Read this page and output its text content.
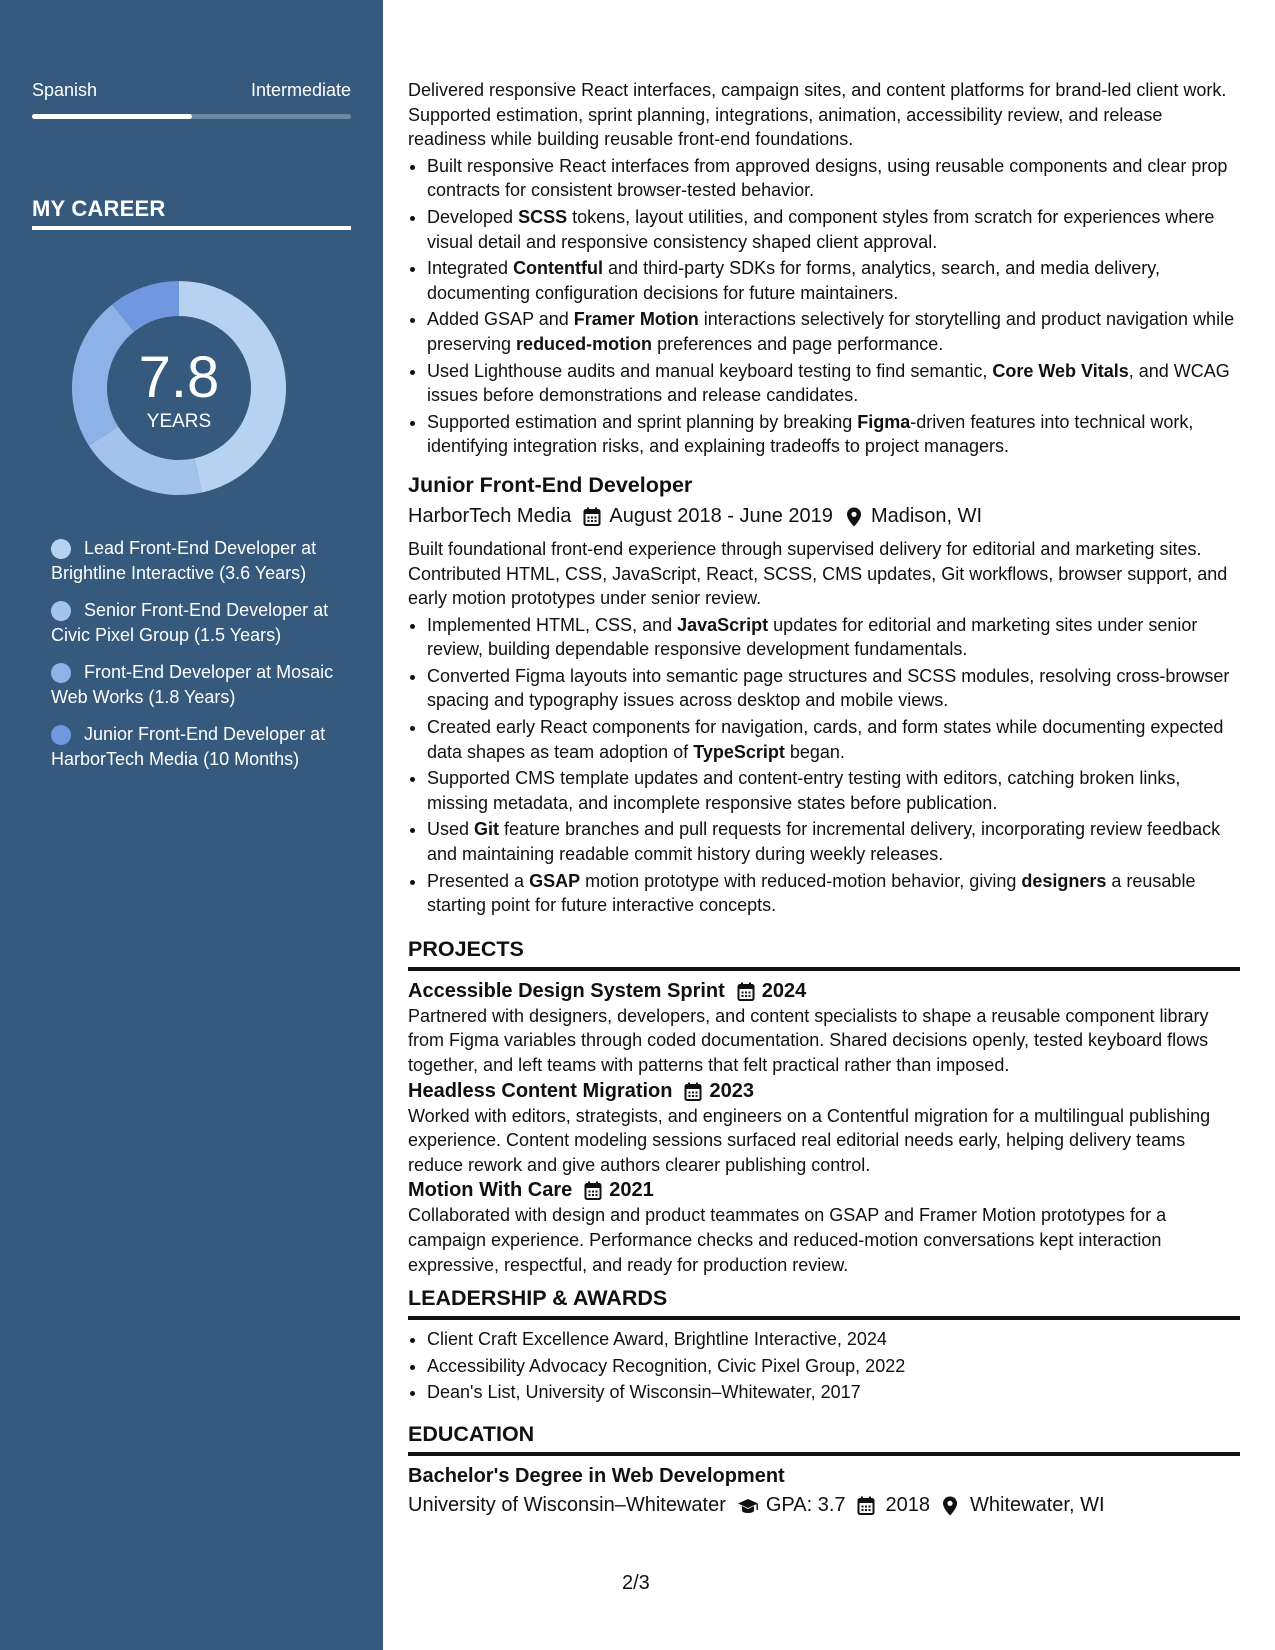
Spanish	Intermediate
MY CAREER
7.8
YEARS
Lead Front-End Developer at Brightline Interactive (3.6 Years)
Senior Front-End Developer at Civic Pixel Group (1.5 Years)
Front-End Developer at Mosaic Web Works (1.8 Years)
Junior Front-End Developer at HarborTech Media (10 Months)

Delivered responsive React interfaces, campaign sites, and content platforms for brand-led client work. Supported estimation, sprint planning, integrations, animation, accessibility review, and release readiness while building reusable front-end foundations.

• Built responsive React interfaces from approved designs, using reusable components and clear prop contracts for consistent browser-tested behavior.
• Developed SCSS tokens, layout utilities, and component styles from scratch for experiences where visual detail and responsive consistency shaped client approval.
• Integrated Contentful and third-party SDKs for forms, analytics, search, and media delivery, documenting configuration decisions for future maintainers.
• Added GSAP and Framer Motion interactions selectively for storytelling and product navigation while preserving reduced-motion preferences and page performance.
• Used Lighthouse audits and manual keyboard testing to find semantic, Core Web Vitals, and WCAG issues before demonstrations and release candidates.
• Supported estimation and sprint planning by breaking Figma-driven features into technical work, identifying integration risks, and explaining tradeoffs to project managers.
Junior Front-End Developer
HarborTech Media August 2018 - June 2019 Madison, WI

Built foundational front-end experience through supervised delivery for editorial and marketing sites. Contributed HTML, CSS, JavaScript, React, SCSS, CMS updates, Git workflows, browser support, and early motion prototypes under senior review.

• Implemented HTML, CSS, and JavaScript updates for editorial and marketing sites under senior review, building dependable responsive development fundamentals.
• Converted Figma layouts into semantic page structures and SCSS modules, resolving cross-browser spacing and typography issues across desktop and mobile views.
• Created early React components for navigation, cards, and form states while documenting expected data shapes as team adoption of TypeScript began.
• Supported CMS template updates and content-entry testing with editors, catching broken links, missing metadata, and incomplete responsive states before publication.
• Used Git feature branches and pull requests for incremental delivery, incorporating review feedback and maintaining readable commit history during weekly releases.
• Presented a GSAP motion prototype with reduced-motion behavior, giving designers a reusable starting point for future interactive concepts.
PROJECTS
Accessible Design System Sprint 2024

Partnered with designers, developers, and content specialists to shape a reusable component library from Figma variables through coded documentation. Shared decisions openly, tested keyboard flows together, and left teams with patterns that felt practical rather than imposed.

Headless Content Migration 2023

Worked with editors, strategists, and engineers on a Contentful migration for a multilingual publishing experience. Content modeling sessions surfaced real editorial needs early, helping delivery teams reduce rework and give authors clearer publishing control.

Motion With Care 2021

Collaborated with design and product teammates on GSAP and Framer Motion prototypes for a campaign experience. Performance checks and reduced-motion conversations kept interaction expressive, respectful, and ready for production review.

LEADERSHIP & AWARDS
• Client Craft Excellence Award, Brightline Interactive, 2024
• Accessibility Advocacy Recognition, Civic Pixel Group, 2022
• Dean's List, University of Wisconsin–Whitewater, 2017
EDUCATION
Bachelor's Degree in Web Development
University of Wisconsin–Whitewater GPA: 3.7 2018 Whitewater, WI
2/3
